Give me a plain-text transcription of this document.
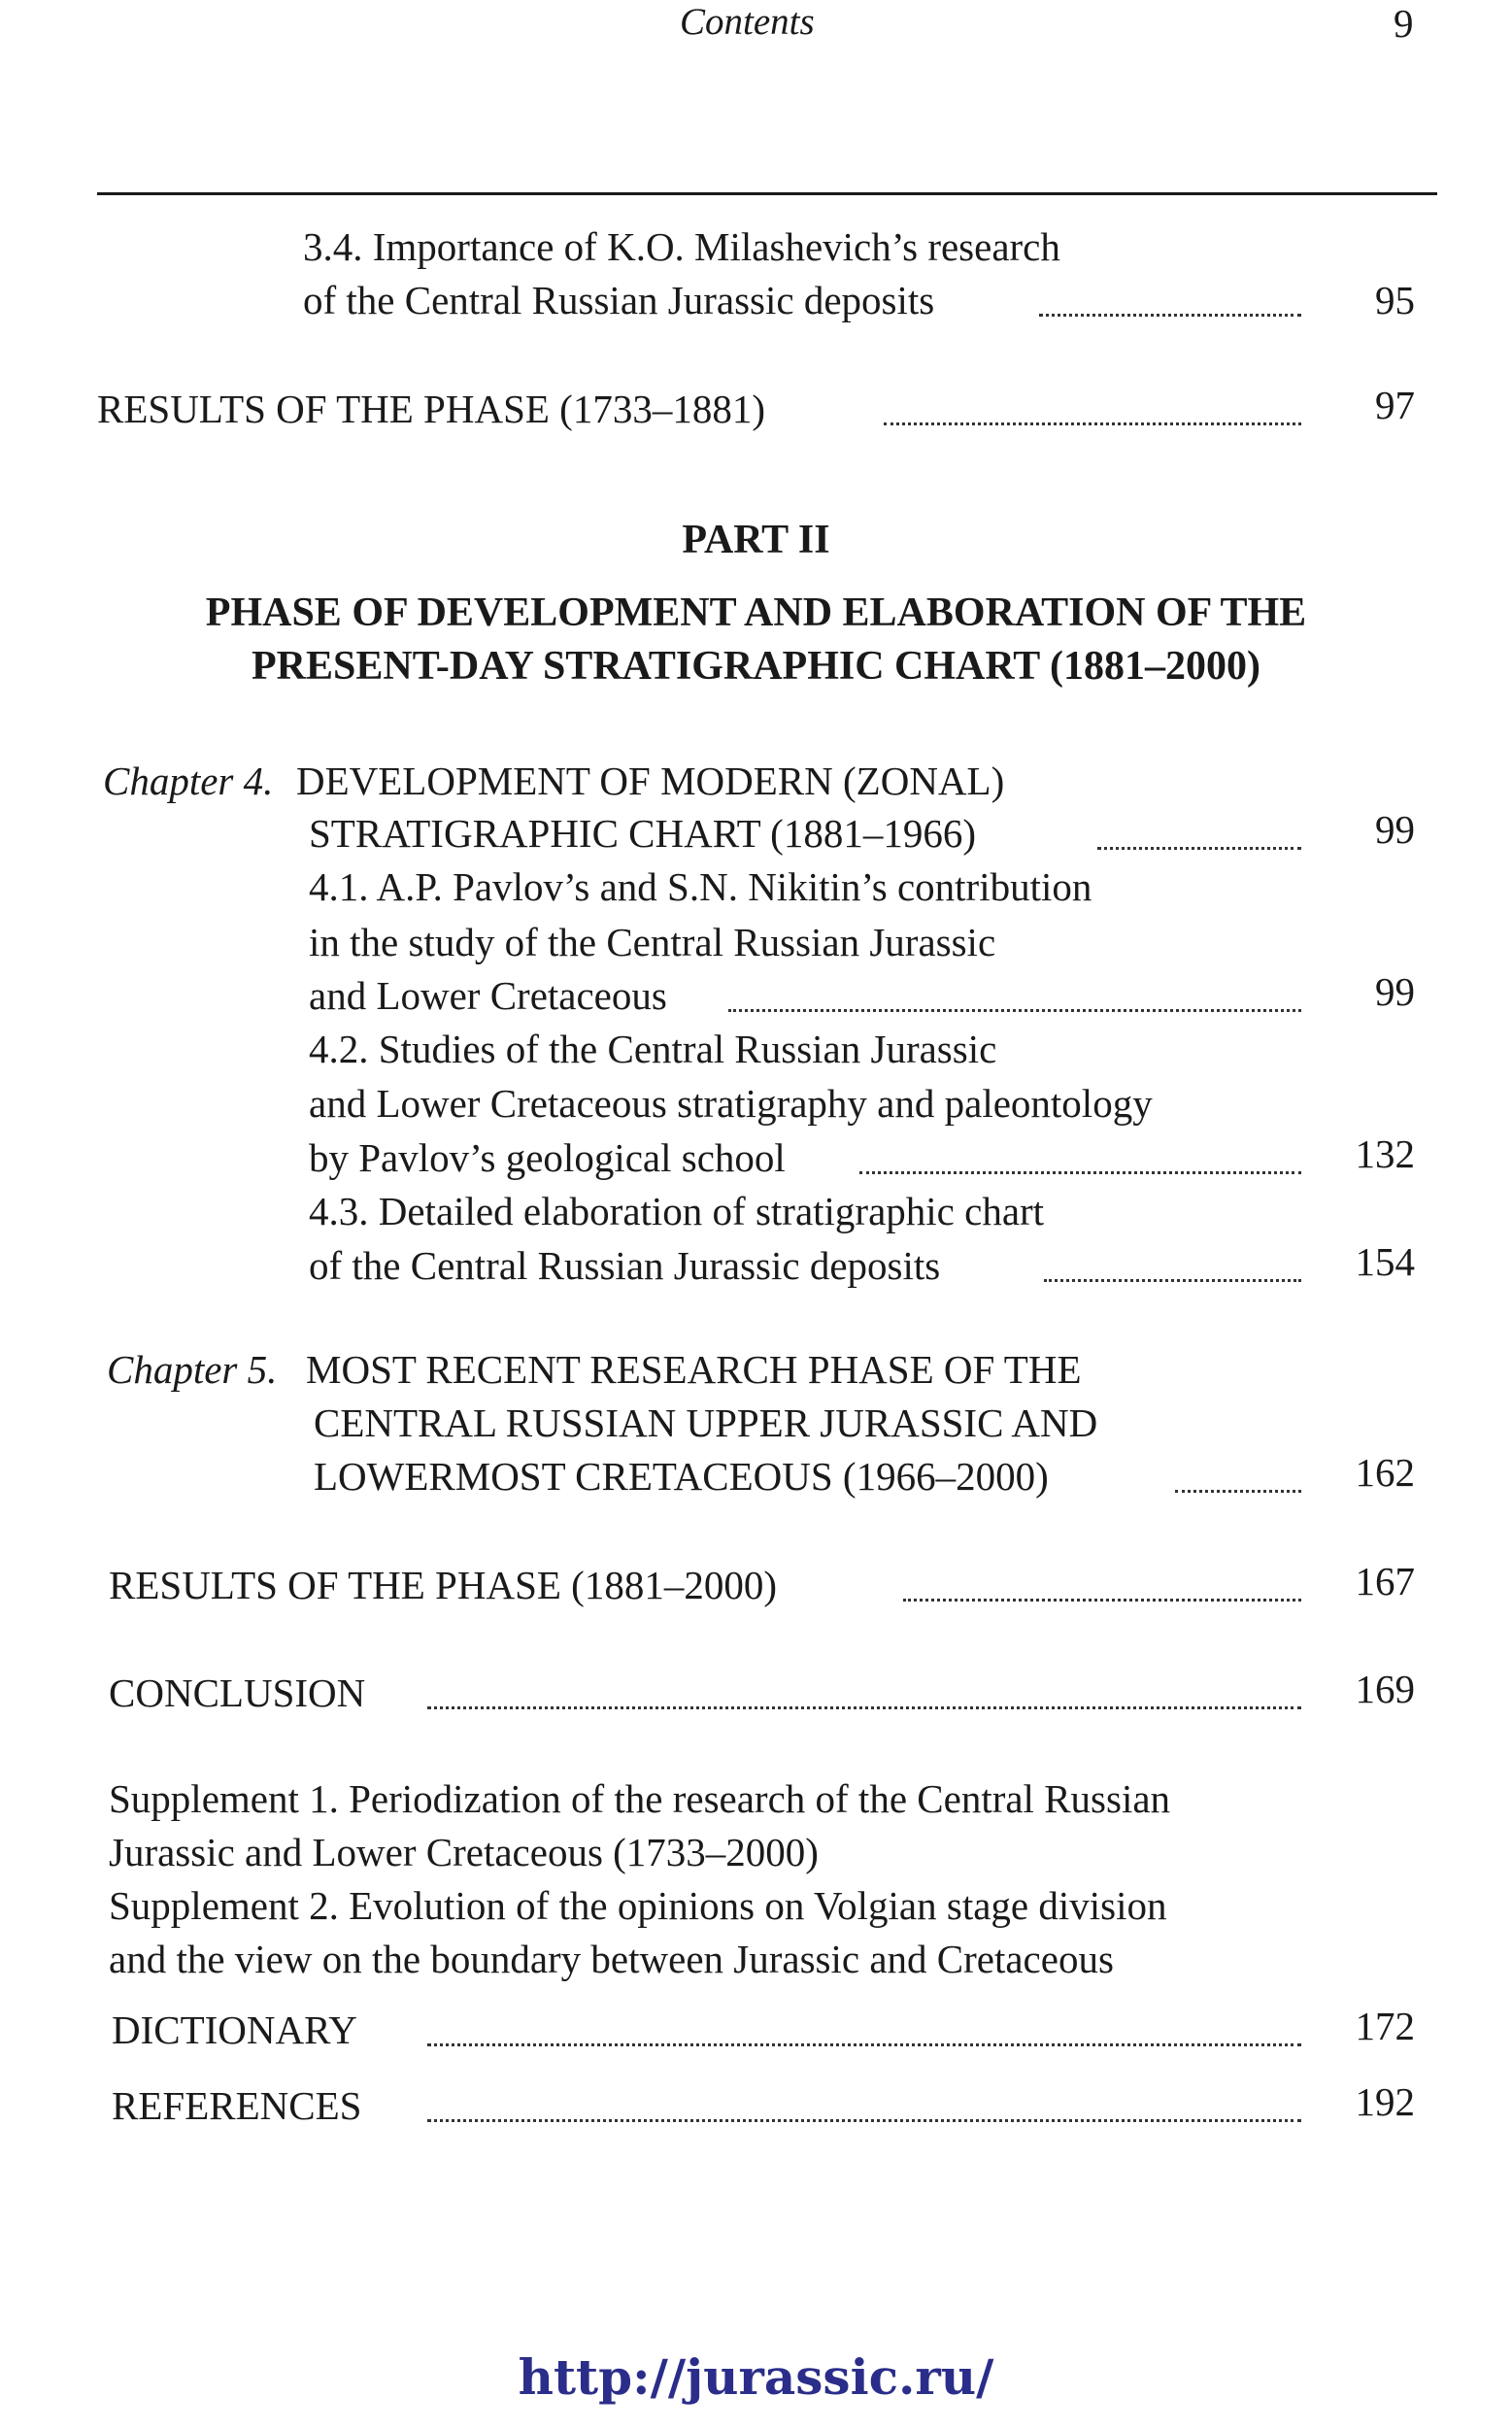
Contents	9
3.4. Importance of K.O. Milashevich’s research
of the Central Russian Jurassic deposits	95
RESULTS OF THE PHASE (1733–1881)	97
PART II
PHASE OF DEVELOPMENT AND ELABORATION OF THE
PRESENT-DAY STRATIGRAPHIC CHART (1881–2000)
Chapter 4. DEVELOPMENT OF MODERN (ZONAL)
STRATIGRAPHIC CHART (1881–1966)	99
4.1. A.P. Pavlov’s and S.N. Nikitin’s contribution
in the study of the Central Russian Jurassic
and Lower Cretaceous	99
4.2. Studies of the Central Russian Jurassic
and Lower Cretaceous stratigraphy and paleontology
by Pavlov’s geological school	132
4.3. Detailed elaboration of stratigraphic chart
of the Central Russian Jurassic deposits	154
Chapter 5. MOST RECENT RESEARCH PHASE OF THE
CENTRAL RUSSIAN UPPER JURASSIC AND
LOWERMOST CRETACEOUS (1966–2000)	162
RESULTS OF THE PHASE (1881–2000)	167
CONCLUSION	169
Supplement 1. Periodization of the research of the Central Russian
Jurassic and Lower Cretaceous (1733–2000)
Supplement 2. Evolution of the opinions on Volgian stage division
and the view on the boundary between Jurassic and Cretaceous
DICTIONARY	172
REFERENCES	192
http://jurassic.ru/
